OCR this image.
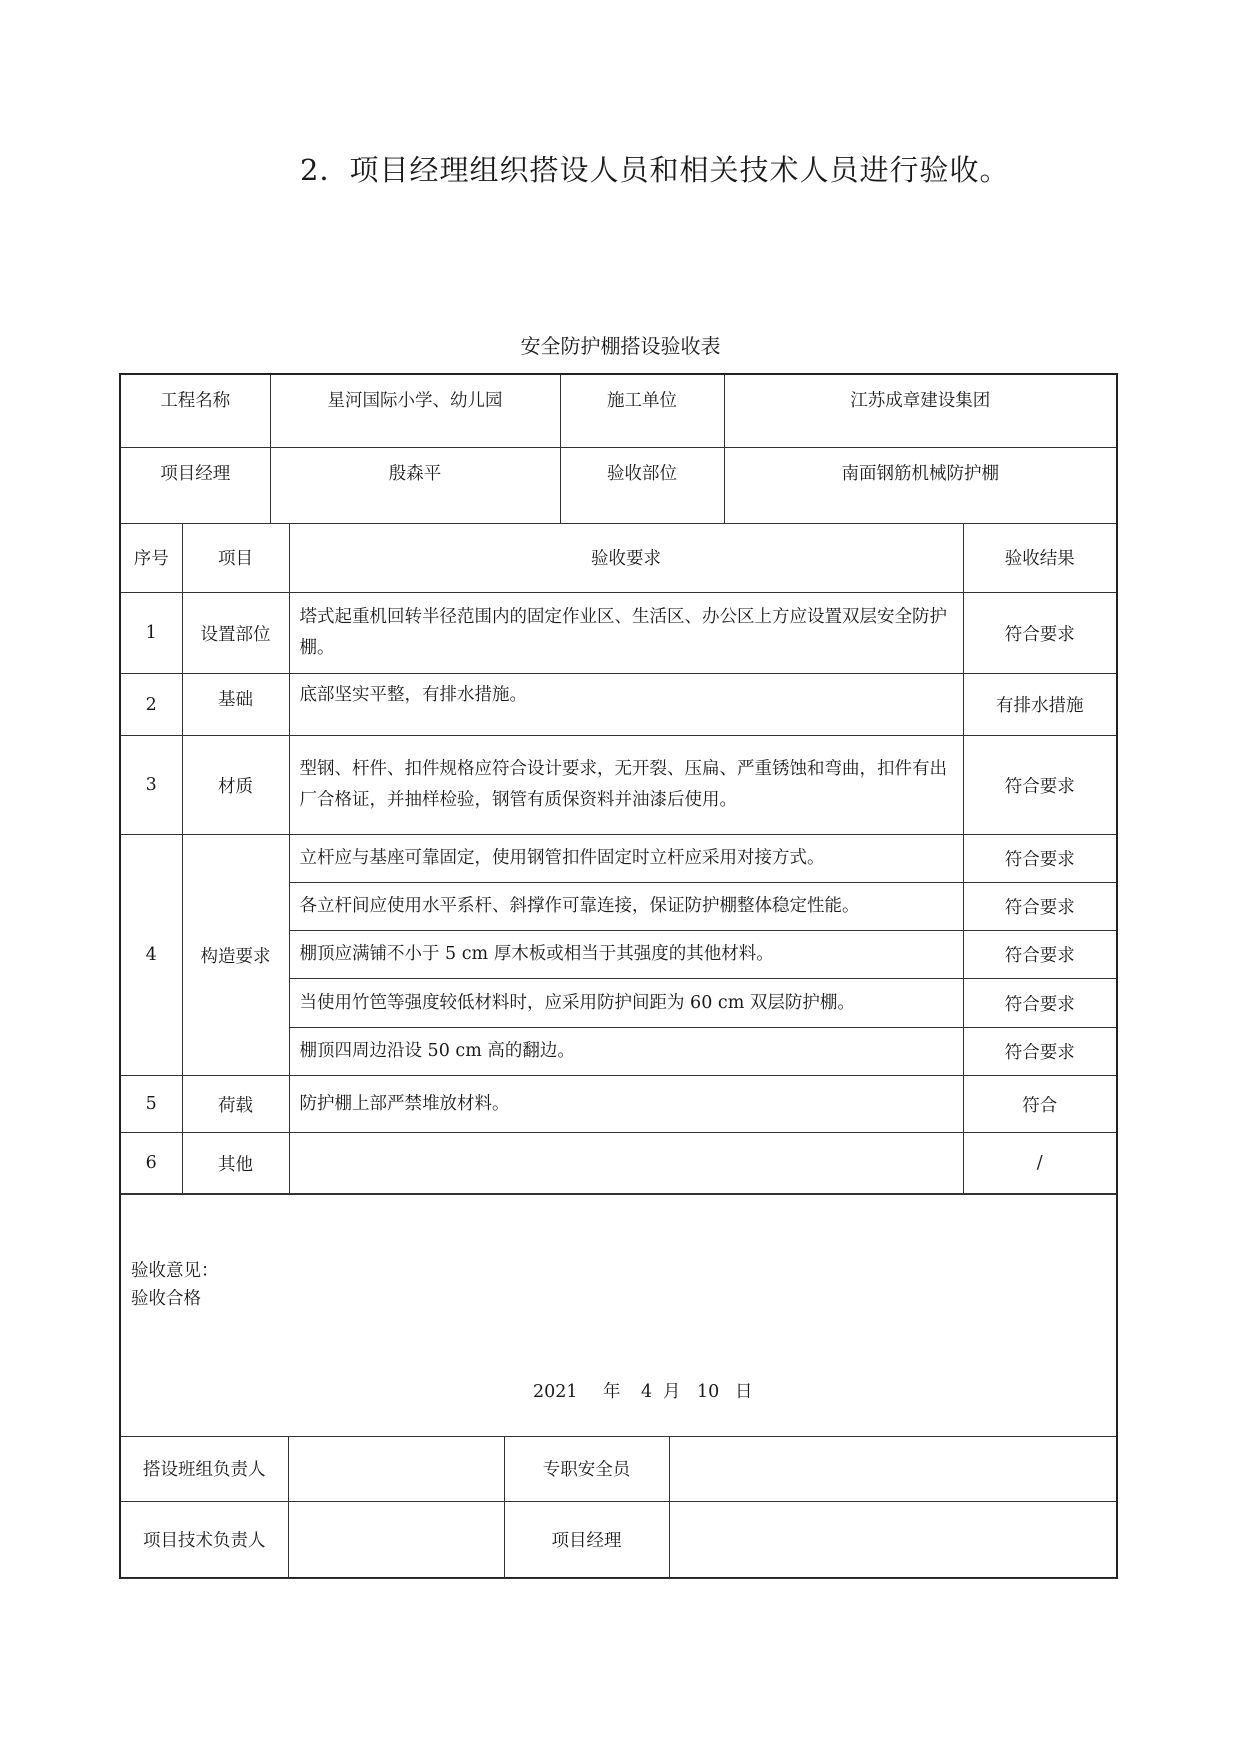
2．项目经理组织搭设人员和相关技术人员进行验收。
安全防护棚搭设验收表
工程名称	星河国际小学、幼儿园	施工单位	江苏成章建设集团
项目经理	殷森平	验收部位	南面钢筋机械防护棚
序号	项目	验收要求	验收结果
1	设置部位	塔式起重机回转半径范围内的固定作业区、生活区、办公区上方应设置双层安全防护棚。	符合要求
2	基础	底部坚实平整，有排水措施。	有排水措施
3	材质	型钢、杆件、扣件规格应符合设计要求，无开裂、压扁、严重锈蚀和弯曲，扣件有出厂合格证，并抽样检验，钢管有质保资料并油漆后使用。	符合要求
4	构造要求	立杆应与基座可靠固定，使用钢管扣件固定时立杆应采用对接方式。	符合要求
		各立杆间应使用水平系杆、斜撑作可靠连接，保证防护棚整体稳定性能。	符合要求
		棚顶应满铺不小于 5 cm 厚木板或相当于其强度的其他材料。	符合要求
		当使用竹笆等强度较低材料时，应采用防护间距为 60 cm 双层防护棚。	符合要求
		棚顶四周边沿设 50 cm 高的翻边。	符合要求
5	荷载	防护棚上部严禁堆放材料。	符合
6	其他		/
验收意见：
验收合格
2021 年 4 月 10 日
搭设班组负责人		专职安全员	
项目技术负责人		项目经理	
